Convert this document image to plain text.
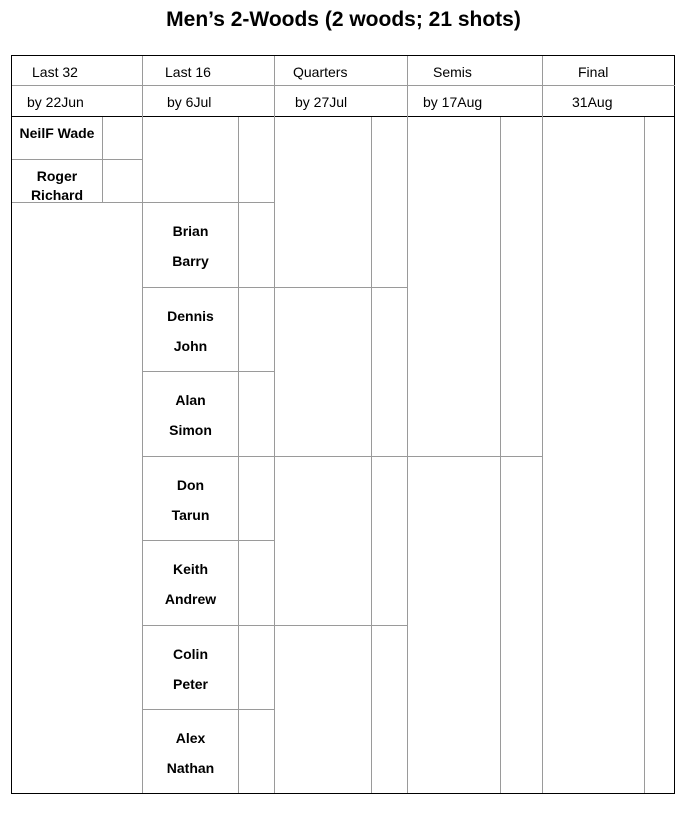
Men’s 2-Woods (2 woods; 21 shots)
Last 32
by 22Jun
Last 16
by 6Jul
Quarters
by 27Jul
Semis
by 17Aug
Final
31Aug
NeilF Wade
Roger Richard
Brian
Barry
Dennis
John
Alan
Simon
Don
Tarun
Keith
Andrew
Colin
Peter
Alex
Nathan
